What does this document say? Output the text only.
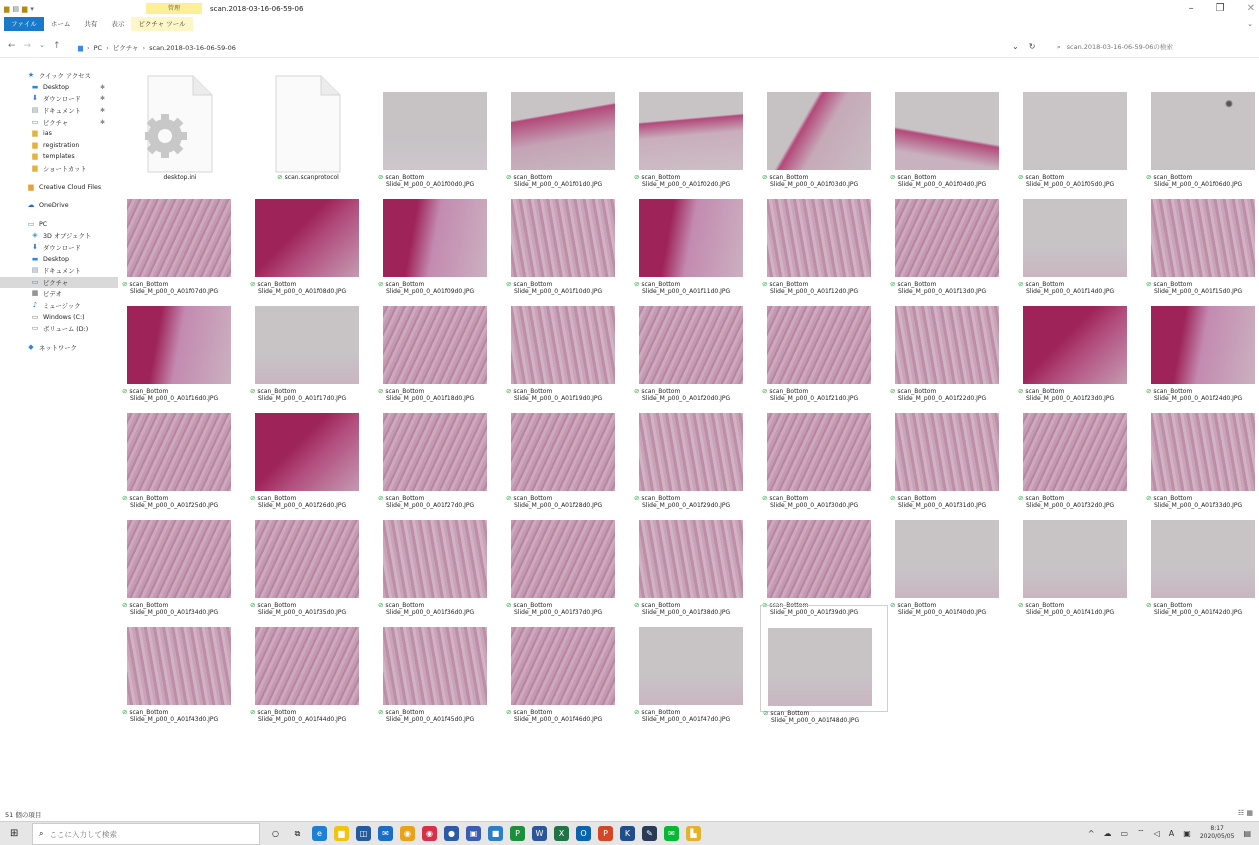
▆ ▤ ▆ ▾	管理	scan.2018-03-16-06-59-06	– ❐ ✕
ファイル	ホーム	共有	表示	ピクチャ ツール	⌄
← → ⌄ ↑	▆ › PC › ピクチャ › scan.2018-03-16-06-59-06	⌄ ↻	⌕
scan.2018-03-16-06-59-06の検索
★ クイック アクセス
▬ Desktop	✱
⬇ ダウンロード	✱
▤ ドキュメント	✱
▭ ピクチャ	✱
▆ ias
▆ registration
▆ templates
▆ ショートカット
▆ Creative Cloud Files
☁ OneDrive
▭ PC
◈ 3D オブジェクト
⬇ ダウンロード
▬ Desktop
▤ ドキュメント
▭ ピクチャ
▦ ビデオ
♪ ミュージック
▭ Windows (C:)
▭ ボリューム (D:)
◆ ネットワーク
desktop.ini	⊘ scan.scanprotocol	⊘ scan_Bottom
Slide_M_p00_0_A01f00d0.JPG
⊘ scan_Bottom
Slide_M_p00_0_A01f01d0.JPG
⊘ scan_Bottom
Slide_M_p00_0_A01f02d0.JPG
⊘ scan_Bottom
Slide_M_p00_0_A01f03d0.JPG
⊘ scan_Bottom
Slide_M_p00_0_A01f04d0.JPG
⊘ scan_Bottom
Slide_M_p00_0_A01f05d0.JPG
⊘ scan_Bottom
Slide_M_p00_0_A01f06d0.JPG
⊘ scan_Bottom
Slide_M_p00_0_A01f07d0.JPG
⊘ scan_Bottom
Slide_M_p00_0_A01f08d0.JPG
⊘ scan_Bottom
Slide_M_p00_0_A01f09d0.JPG
⊘ scan_Bottom
Slide_M_p00_0_A01f10d0.JPG
⊘ scan_Bottom
Slide_M_p00_0_A01f11d0.JPG
⊘ scan_Bottom
Slide_M_p00_0_A01f12d0.JPG
⊘ scan_Bottom
Slide_M_p00_0_A01f13d0.JPG
⊘ scan_Bottom
Slide_M_p00_0_A01f14d0.JPG
⊘ scan_Bottom
Slide_M_p00_0_A01f15d0.JPG
⊘ scan_Bottom
Slide_M_p00_0_A01f16d0.JPG
⊘ scan_Bottom
Slide_M_p00_0_A01f17d0.JPG
⊘ scan_Bottom
Slide_M_p00_0_A01f18d0.JPG
⊘ scan_Bottom
Slide_M_p00_0_A01f19d0.JPG
⊘ scan_Bottom
Slide_M_p00_0_A01f20d0.JPG
⊘ scan_Bottom
Slide_M_p00_0_A01f21d0.JPG
⊘ scan_Bottom
Slide_M_p00_0_A01f22d0.JPG
⊘ scan_Bottom
Slide_M_p00_0_A01f23d0.JPG
⊘ scan_Bottom
Slide_M_p00_0_A01f24d0.JPG
⊘ scan_Bottom
Slide_M_p00_0_A01f25d0.JPG
⊘ scan_Bottom
Slide_M_p00_0_A01f26d0.JPG
⊘ scan_Bottom
Slide_M_p00_0_A01f27d0.JPG
⊘ scan_Bottom
Slide_M_p00_0_A01f28d0.JPG
⊘ scan_Bottom
Slide_M_p00_0_A01f29d0.JPG
⊘ scan_Bottom
Slide_M_p00_0_A01f30d0.JPG
⊘ scan_Bottom
Slide_M_p00_0_A01f31d0.JPG
⊘ scan_Bottom
Slide_M_p00_0_A01f32d0.JPG
⊘ scan_Bottom
Slide_M_p00_0_A01f33d0.JPG
⊘ scan_Bottom
Slide_M_p00_0_A01f34d0.JPG
⊘ scan_Bottom
Slide_M_p00_0_A01f35d0.JPG
⊘ scan_Bottom
Slide_M_p00_0_A01f36d0.JPG
⊘ scan_Bottom
Slide_M_p00_0_A01f37d0.JPG
⊘ scan_Bottom
Slide_M_p00_0_A01f38d0.JPG
⊘ scan_Bottom
Slide_M_p00_0_A01f39d0.JPG
⊘ scan_Bottom
Slide_M_p00_0_A01f40d0.JPG
⊘ scan_Bottom
Slide_M_p00_0_A01f41d0.JPG
⊘ scan_Bottom
Slide_M_p00_0_A01f42d0.JPG
⊘ scan_Bottom
Slide_M_p00_0_A01f43d0.JPG
⊘ scan_Bottom
Slide_M_p00_0_A01f44d0.JPG
⊘ scan_Bottom
Slide_M_p00_0_A01f45d0.JPG
⊘ scan_Bottom
Slide_M_p00_0_A01f46d0.JPG
⊘ scan_Bottom
Slide_M_p00_0_A01f47d0.JPG
⊘ scan_Bottom
Slide_M_p00_0_A01f48d0.JPG
51 個の項目	☷ ▦
⊞	⌕
ここに入力して検索	○	⧉	e	▆	◫	✉	◉	◉	●	▣	■	P	W	X	O	P	K	✎	✉	▙	^ ☁ ▭ ⌔ ◁ A ▣	8:17
2020/05/05 ▤
